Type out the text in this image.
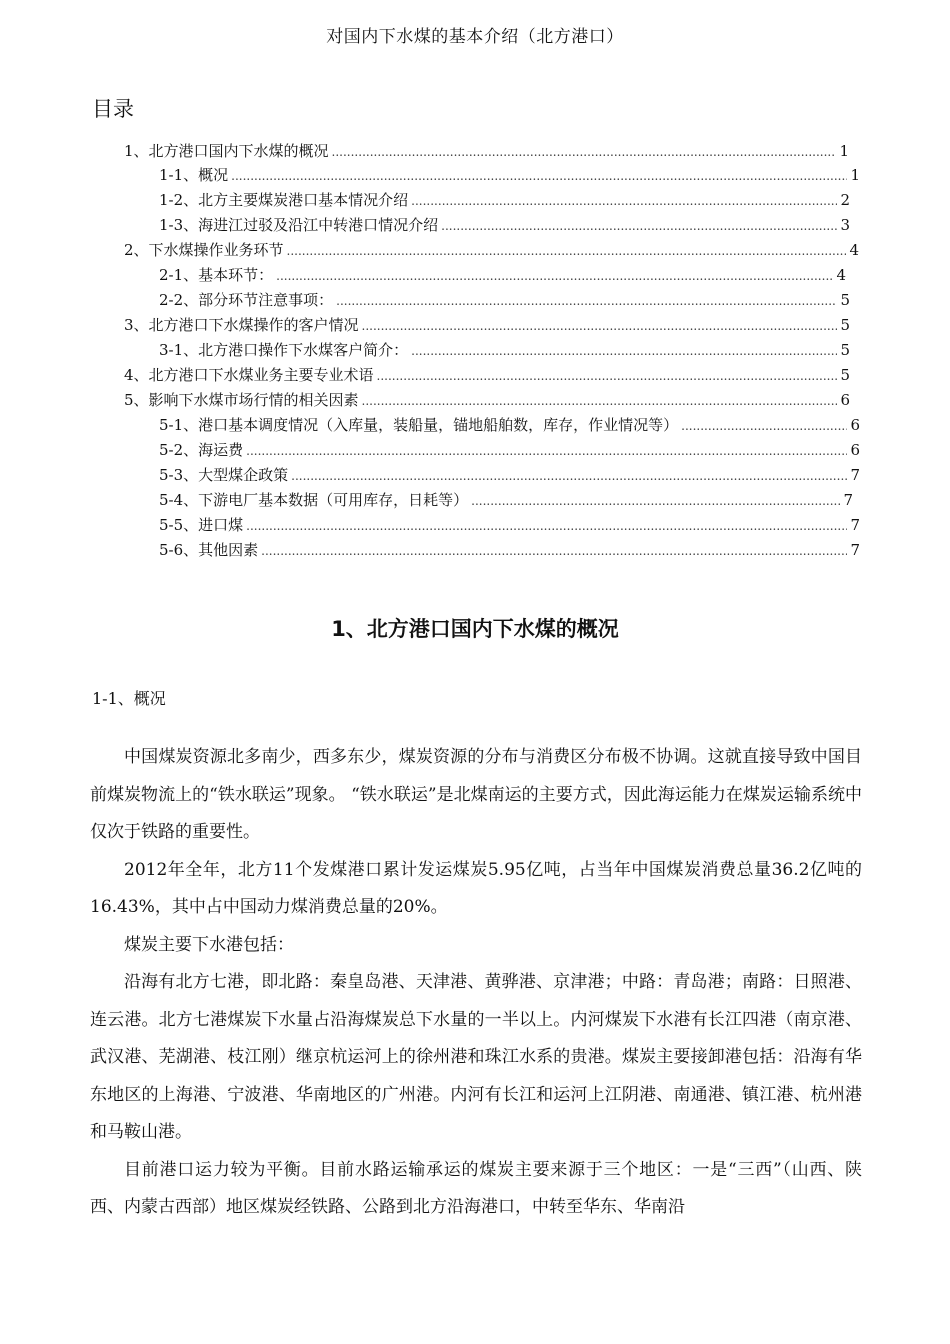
对国内下水煤的基本介绍（北方港口）
目录
1、北方港口国内下水煤的概况 .....	1
1-1、概况 .....	1
1-2、北方主要煤炭港口基本情况介绍 .....	2
1-3、海进江过驳及沿江中转港口情况介绍 .....	3
2、下水煤操作业务环节 .....	4
2-1、基本环节： .....	4
2-2、部分环节注意事项： .....	5
3、北方港口下水煤操作的客户情况 .....	5
3-1、北方港口操作下水煤客户简介： .....	5
4、北方港口下水煤业务主要专业术语 .....	5
5、影响下水煤市场行情的相关因素 .....	6
5-1、港口基本调度情况（入库量，装船量，锚地船舶数，库存，作业情况等） .....	6
5-2、海运费 .....	6
5-3、大型煤企政策 .....	7
5-4、下游电厂基本数据（可用库存，日耗等） .....	7
5-5、进口煤 .....	7
5-6、其他因素 .....	7
1、北方港口国内下水煤的概况
1-1、概况

中国煤炭资源北多南少，西多东少，煤炭资源的分布与消费区分布极不协调。这就直接导致中国目前煤炭物流上的“铁水联运”现象。 “铁水联运”是北煤南运的主要方式，因此海运能力在煤炭运输系统中仅次于铁路的重要性。

2012年全年，北方11个发煤港口累计发运煤炭5.95亿吨，占当年中国煤炭消费总量36.2亿吨的16.43%，其中占中国动力煤消费总量的20%。

煤炭主要下水港包括：

沿海有北方七港，即北路：秦皇岛港、天津港、黄骅港、京津港；中路：青岛港；南路：日照港、连云港。北方七港煤炭下水量占沿海煤炭总下水量的一半以上。内河煤炭下水港有长江四港（南京港、武汉港、芜湖港、枝江刚）继京杭运河上的徐州港和珠江水系的贵港。煤炭主要接卸港包括：沿海有华东地区的上海港、宁波港、华南地区的广州港。内河有长江和运河上江阴港、南通港、镇江港、杭州港和马鞍山港。

目前港口运力较为平衡。目前水路运输承运的煤炭主要来源于三个地区：一是“三西”（山西、陕西、内蒙古西部）地区煤炭经铁路、公路到北方沿海港口，中转至华东、华南沿
